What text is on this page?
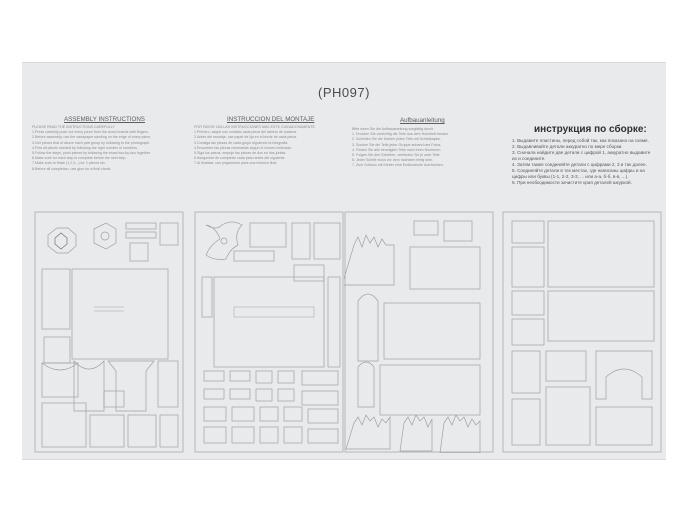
(PH097)
ASSEMBLY INSTRUCTIONS
PLEASE READ THE INSTRUCTIONS CAREFULLY
1.Press carefully push out every piece from the wood boards with fingers.
2.Before assembly, use the sandpaper sanding on the edge of every piece.
3.Get pieces that of above each part group by following to the photograph.
4.Find all pieces needed by following the right number of numbers.
5.Follow the steps, push pieces by following the exact two-by-two together.
6.Make sure for each step is complete before the next step.
7.Make sure to finish (1,2,3...) for 2 pieces etc.
8.Before all completion, use glue for a final check.
INSTRUCCION DEL MONTAJE
POR FAVOR LEA LAS INSTRUCCIONES MAS ESTE CUIDADOSAMENTE
1.Primero, saque con cuidado cada pieza del tablero de madera.
2.Antes del montaje, use papel de lija en el borde de cada pieza.
3.Consiga las piezas de cada grupo siguiendo la fotografia.
4.Encuentre las piezas necesarias segun el numero indicado.
5.Siga los pasos, empuje las piezas de dos en dos juntas.
6.Asegurese de completar cada paso antes del siguiente.
7.Al finalizar, use pegamento para una revision final.
Aufbauanleitung
Bitte lesen Sie die Aufbauanleitung sorgfaltig durch.
1. Drucken Sie vorsichtig die Teile aus dem Holzbrett heraus.
2. Schleifen Sie die Kanten jedes Teils mit Schleifpapier.
3. Suchen Sie die Teile jeder Gruppe anhand des Fotos.
4. Finden Sie alle benotigten Teile nach ihren Nummern.
5. Folgen Sie den Schritten, verbinden Sie je zwei Teile.
6. Jeder Schritt muss vor dem nachsten fertig sein.
7. Zum Schluss mit Kleber eine Endkontrolle durchfuhren.
инструкция по сборке:
1. Выдавите пластины, перед собой так, как показано на схеме.
2. Выдавливайте детали аккуратно по мере сборки.
3. Сначала найдите две детали с цифрой 1, аккуратно выдавите
их и соедините.
4. Затем также соединяйте детали с цифрами 2, 3 и так далее.
5. Соединяйте детали в тех местах, где написаны цифры и на
цифры или буквы (1-1, 2-2, 3-3, ... или а-а, б-б, в-в, ...).
6. При необходимости зачистите края деталей шкуркой.
